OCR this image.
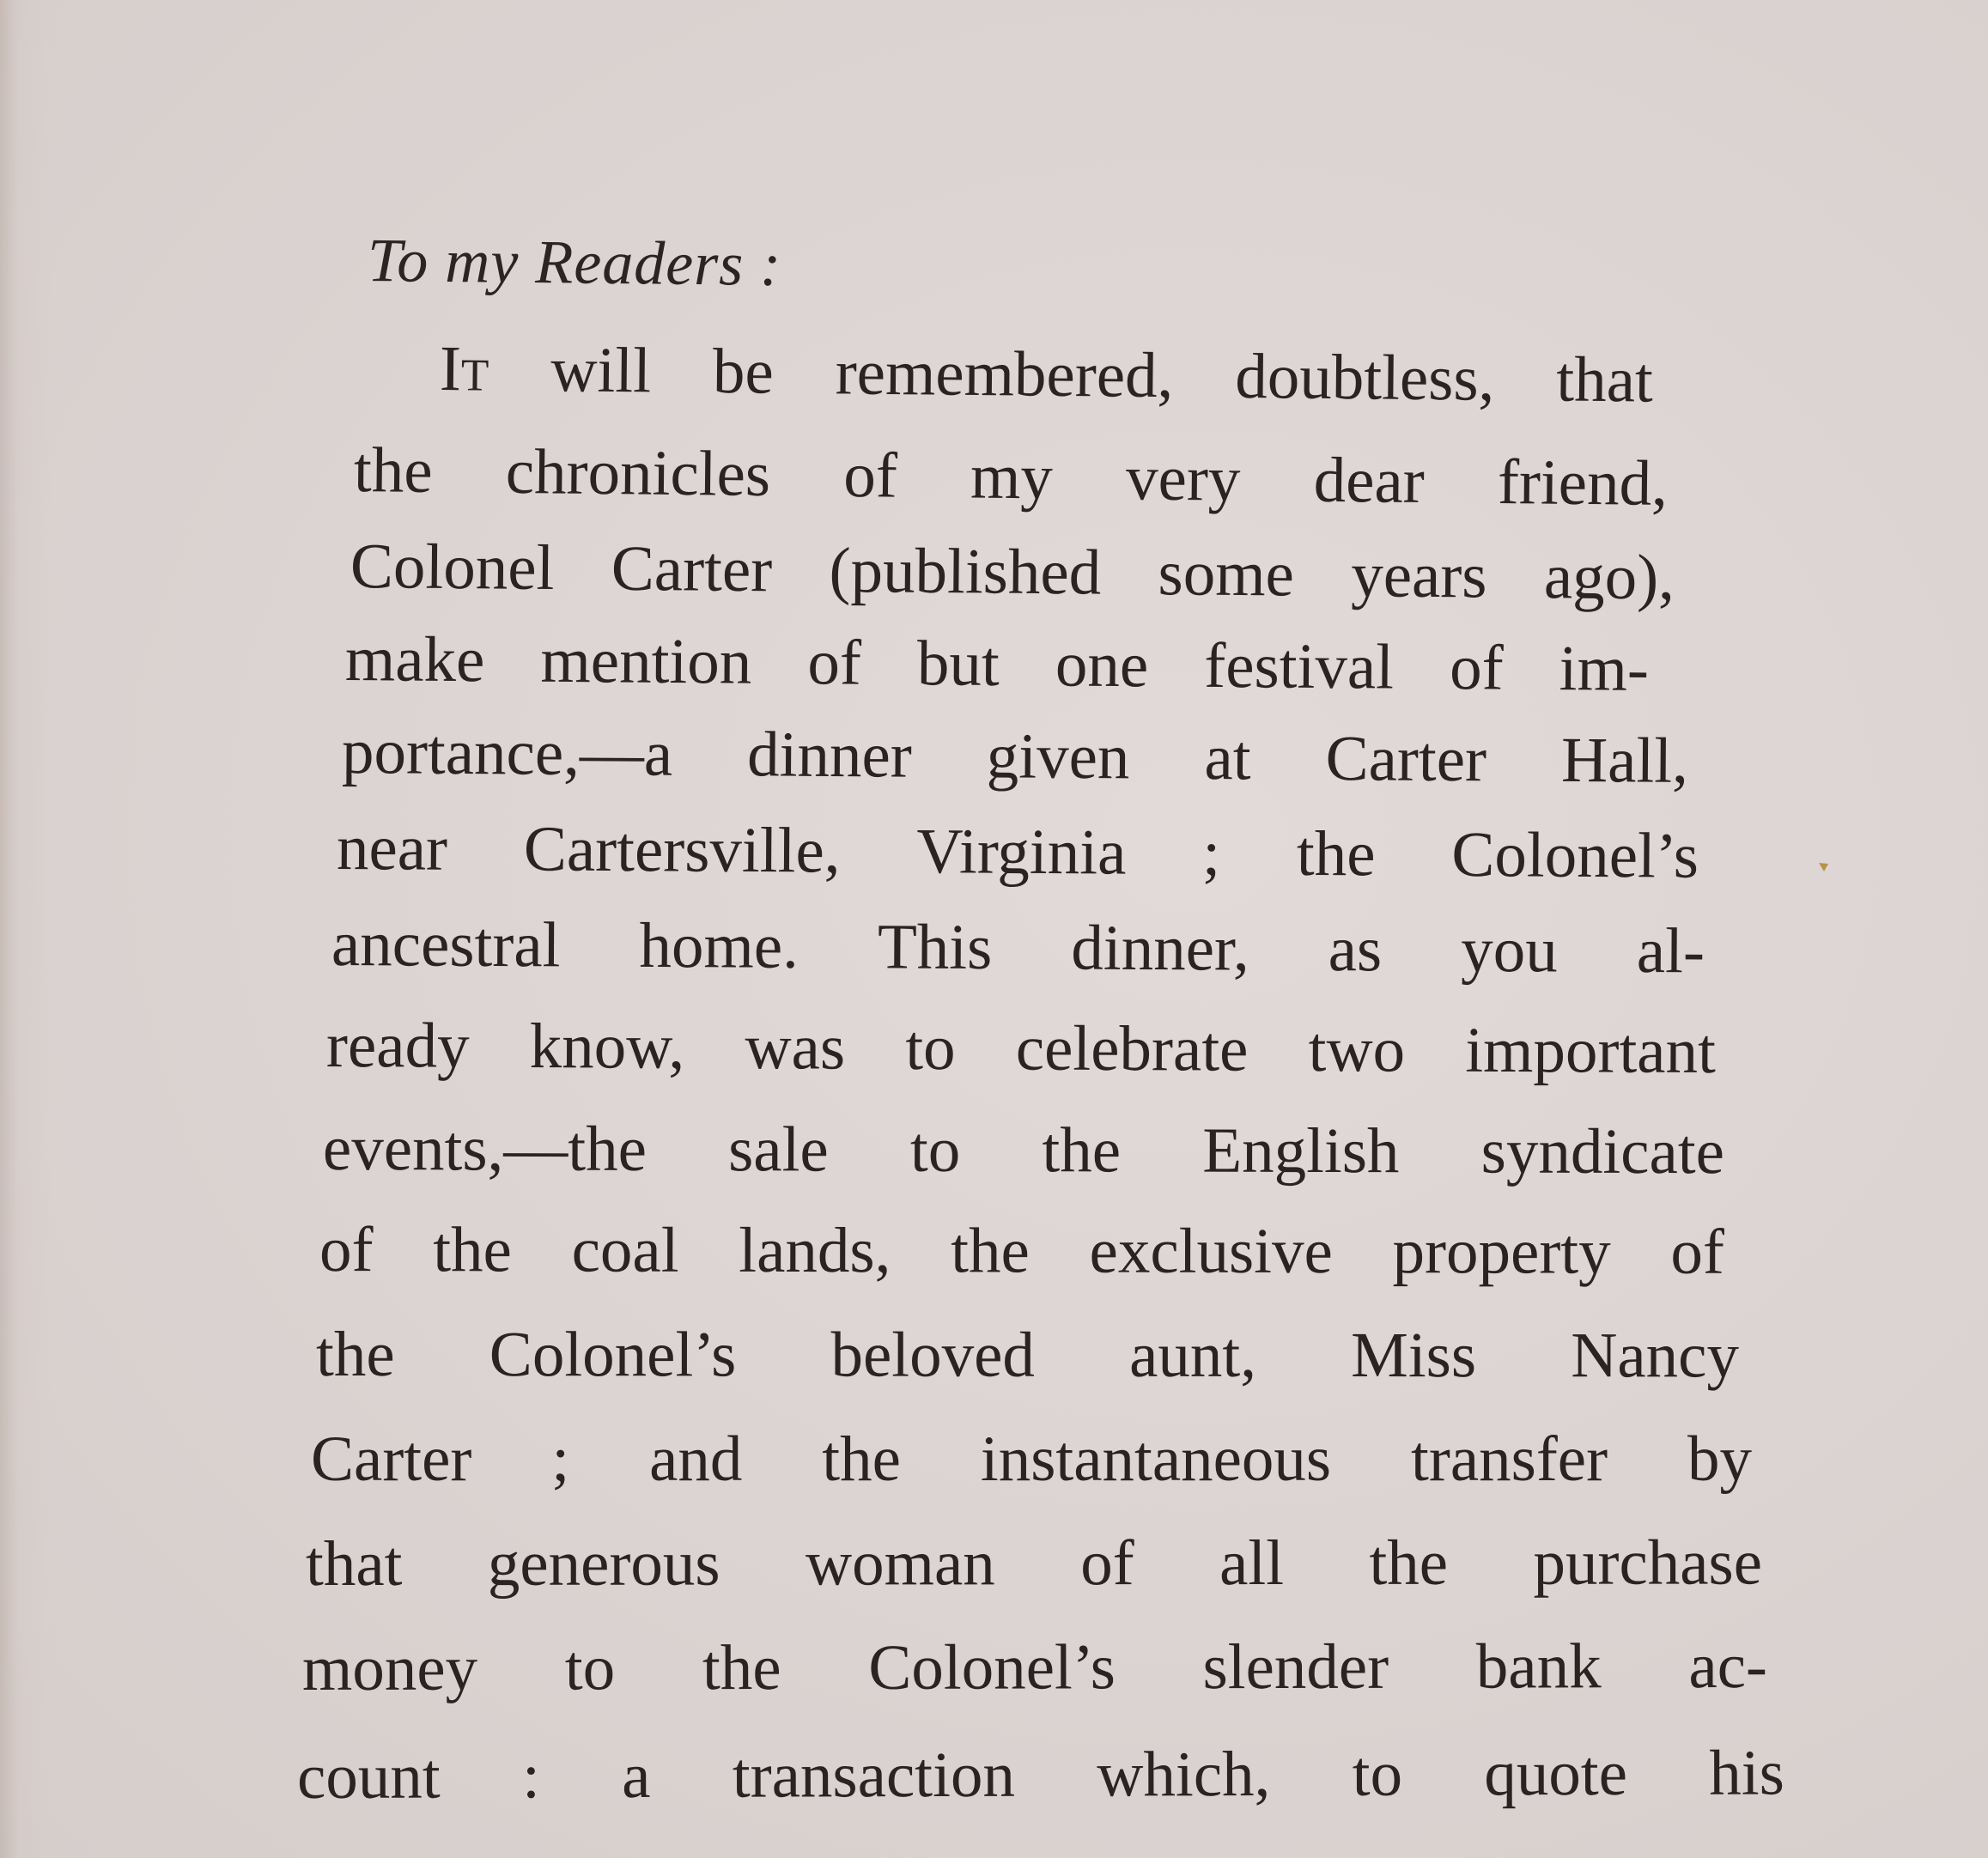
To my Readers :
It will be remembered, doubtless, that
the chronicles of my very dear friend,
Colonel Carter (published some years ago),
make mention of but one festival of im-
portance,—a dinner given at Carter Hall,
near Cartersville, Virginia ; the Colonel’s
ancestral home. This dinner, as you al-
ready know, was to celebrate two important
events,—the sale to the English syndicate
of the coal lands, the exclusive property of
the Colonel’s beloved aunt, Miss Nancy
Carter ; and the instantaneous transfer by
that generous woman of all the purchase
money to the Colonel’s slender bank ac-
count : a transaction which, to quote his
